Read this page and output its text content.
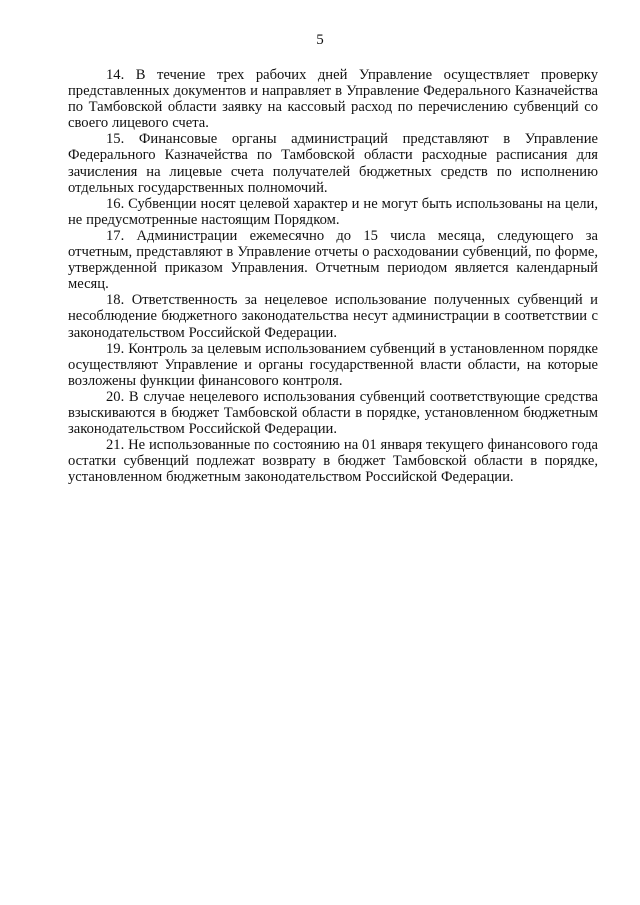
5

14. В течение трех рабочих дней Управление осуществляет проверку представленных документов и направляет в Управление Федерального Казначейства по Тамбовской области заявку на кассовый расход по перечислению субвенций со своего лицевого счета.

15. Финансовые органы администраций представляют в Управление Федерального Казначейства по Тамбовской области расходные расписания для зачисления на лицевые счета получателей бюджетных средств по исполнению отдельных государственных полномочий.

16. Субвенции носят целевой характер и не могут быть использованы на цели, не предусмотренные настоящим Порядком.

17. Администрации ежемесячно до 15 числа месяца, следующего за отчетным, представляют в Управление отчеты о расходовании субвенций, по форме, утвержденной приказом Управления. Отчетным периодом является календарный месяц.

18. Ответственность за нецелевое использование полученных субвенций и несоблюдение бюджетного законодательства несут администрации в соответствии с законодательством Российской Федерации.

19. Контроль за целевым использованием субвенций в установленном порядке осуществляют Управление и органы государственной власти области, на которые возложены функции финансового контроля.

20. В случае нецелевого использования субвенций соответствующие средства взыскиваются в бюджет Тамбовской области в порядке, установленном бюджетным законодательством Российской Федерации.

21. Не использованные по состоянию на 01 января текущего финансового года остатки субвенций подлежат возврату в бюджет Тамбовской области в порядке, установленном бюджетным законодательством Российской Федерации.
